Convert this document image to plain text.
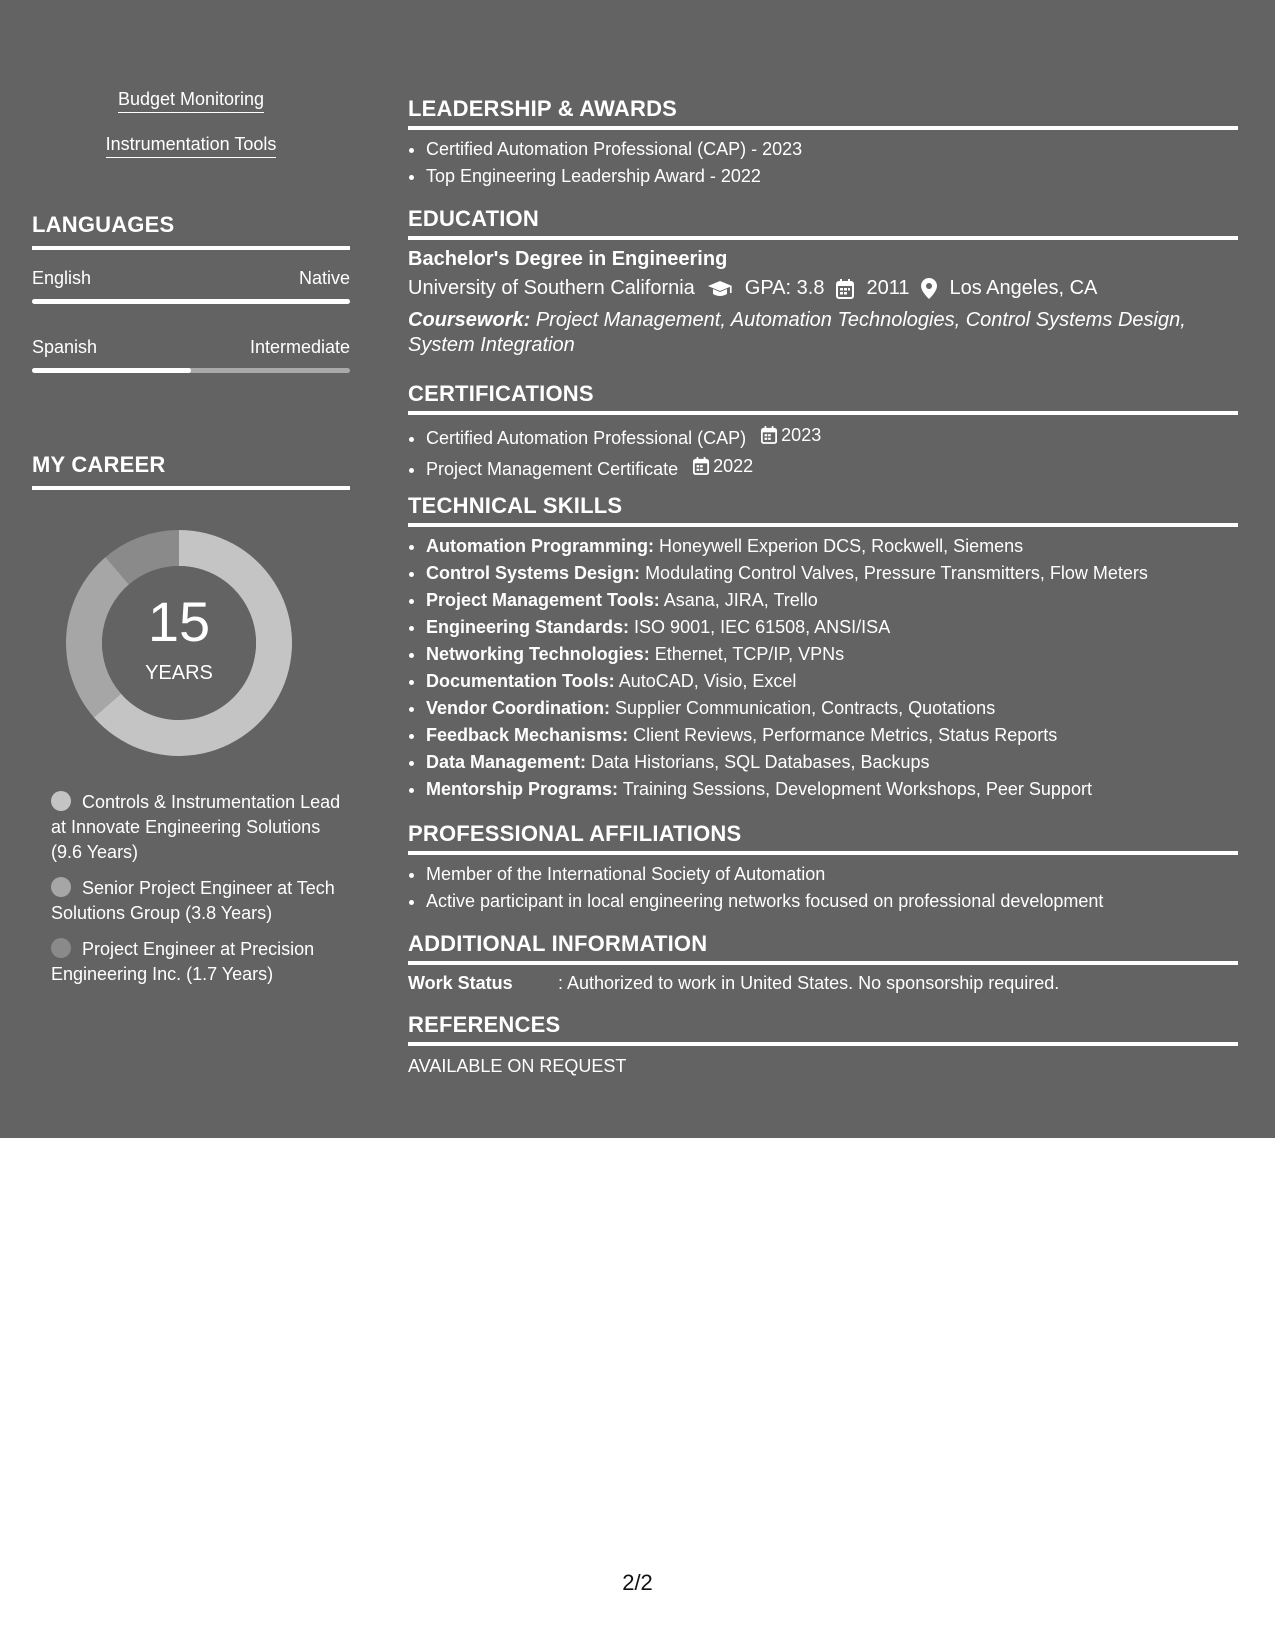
Budget Monitoring
Instrumentation Tools
LANGUAGES
English	Native
Spanish	Intermediate
MY CAREER
15
YEARS
Controls & Instrumentation Lead at Innovate Engineering Solutions (9.6 Years)
Senior Project Engineer at Tech Solutions Group (3.8 Years)
Project Engineer at Precision Engineering Inc. (1.7 Years)
LEADERSHIP & AWARDS
• Certified Automation Professional (CAP) - 2023
• Top Engineering Leadership Award - 2022
EDUCATION
Bachelor's Degree in Engineering
University of Southern California	GPA: 3.8 2011 Los Angeles, CA
Coursework: Project Management, Automation Technologies, Control Systems Design, System Integration
CERTIFICATIONS
• Certified Automation Professional (CAP) 2023
• Project Management Certificate 2022
TECHNICAL SKILLS
• Automation Programming: Honeywell Experion DCS, Rockwell, Siemens
• Control Systems Design: Modulating Control Valves, Pressure Transmitters, Flow Meters
• Project Management Tools: Asana, JIRA, Trello
• Engineering Standards: ISO 9001, IEC 61508, ANSI/ISA
• Networking Technologies: Ethernet, TCP/IP, VPNs
• Documentation Tools: AutoCAD, Visio, Excel
• Vendor Coordination: Supplier Communication, Contracts, Quotations
• Feedback Mechanisms: Client Reviews, Performance Metrics, Status Reports
• Data Management: Data Historians, SQL Databases, Backups
• Mentorship Programs: Training Sessions, Development Workshops, Peer Support
PROFESSIONAL AFFILIATIONS
• Member of the International Society of Automation
• Active participant in local engineering networks focused on professional development
ADDITIONAL INFORMATION
Work Status	: Authorized to work in United States. No sponsorship required.
REFERENCES
AVAILABLE ON REQUEST
2/2
